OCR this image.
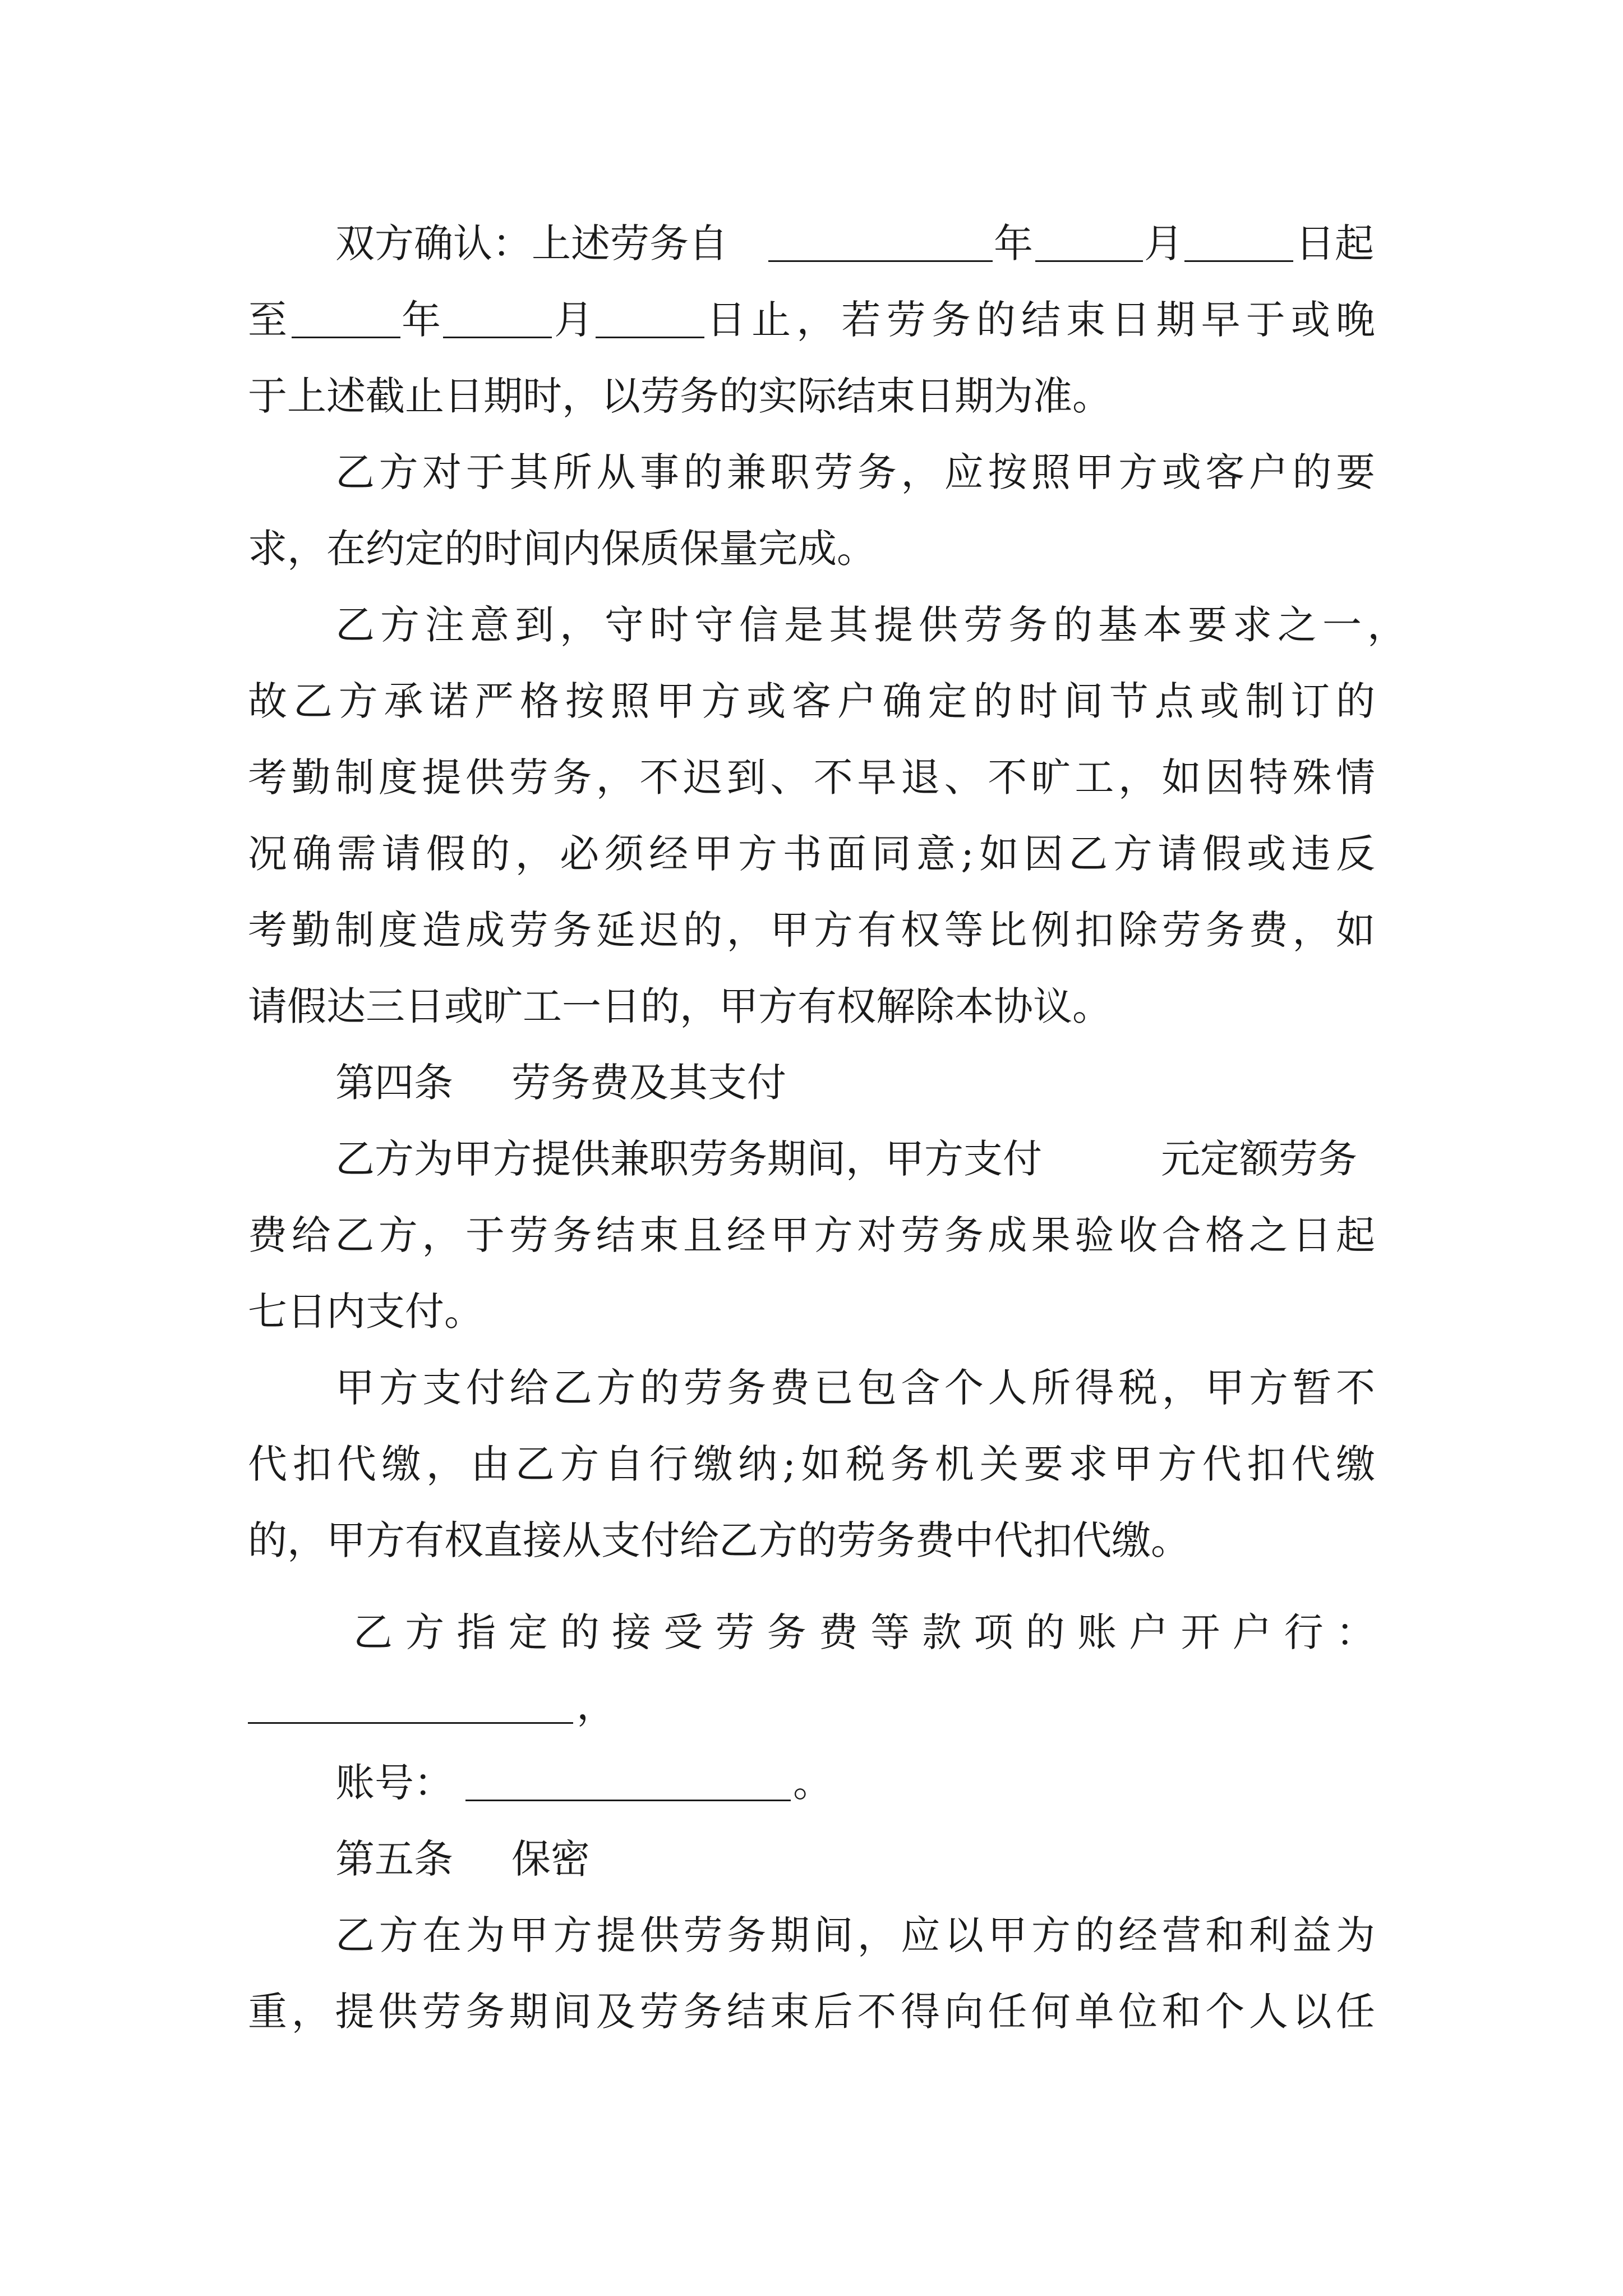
双方确认：上述劳务自	年	月	日起
至	年	月	日止，若劳务的结束日期早于或晚
于上述截止日期时，以劳务的实际结束日期为准。
乙方对于其所从事的兼职劳务，应按照甲方或客户的要
求，在约定的时间内保质保量完成。
乙方注意到，守时守信是其提供劳务的基本要求之一，
故乙方承诺严格按照甲方或客户确定的时间节点或制订的
考勤制度提供劳务，不迟到、不早退、不旷工，如因特殊情
况确需请假的，必须经甲方书面同意;如因乙方请假或违反
考勤制度造成劳务延迟的，甲方有权等比例扣除劳务费，如
请假达三日或旷工一日的，甲方有权解除本协议。
第四条 劳务费及其支付
乙方为甲方提供兼职劳务期间，甲方支付	元定额劳务
费给乙方，于劳务结束且经甲方对劳务成果验收合格之日起
七日内支付。
甲方支付给乙方的劳务费已包含个人所得税，甲方暂不
代扣代缴，由乙方自行缴纳;如税务机关要求甲方代扣代缴
的，甲方有权直接从支付给乙方的劳务费中代扣代缴。
乙方指定的接受劳务费等款项的账户开户行：
，
账号：	。
第五条 保密
乙方在为甲方提供劳务期间，应以甲方的经营和利益为
重，提供劳务期间及劳务结束后不得向任何单位和个人以任
